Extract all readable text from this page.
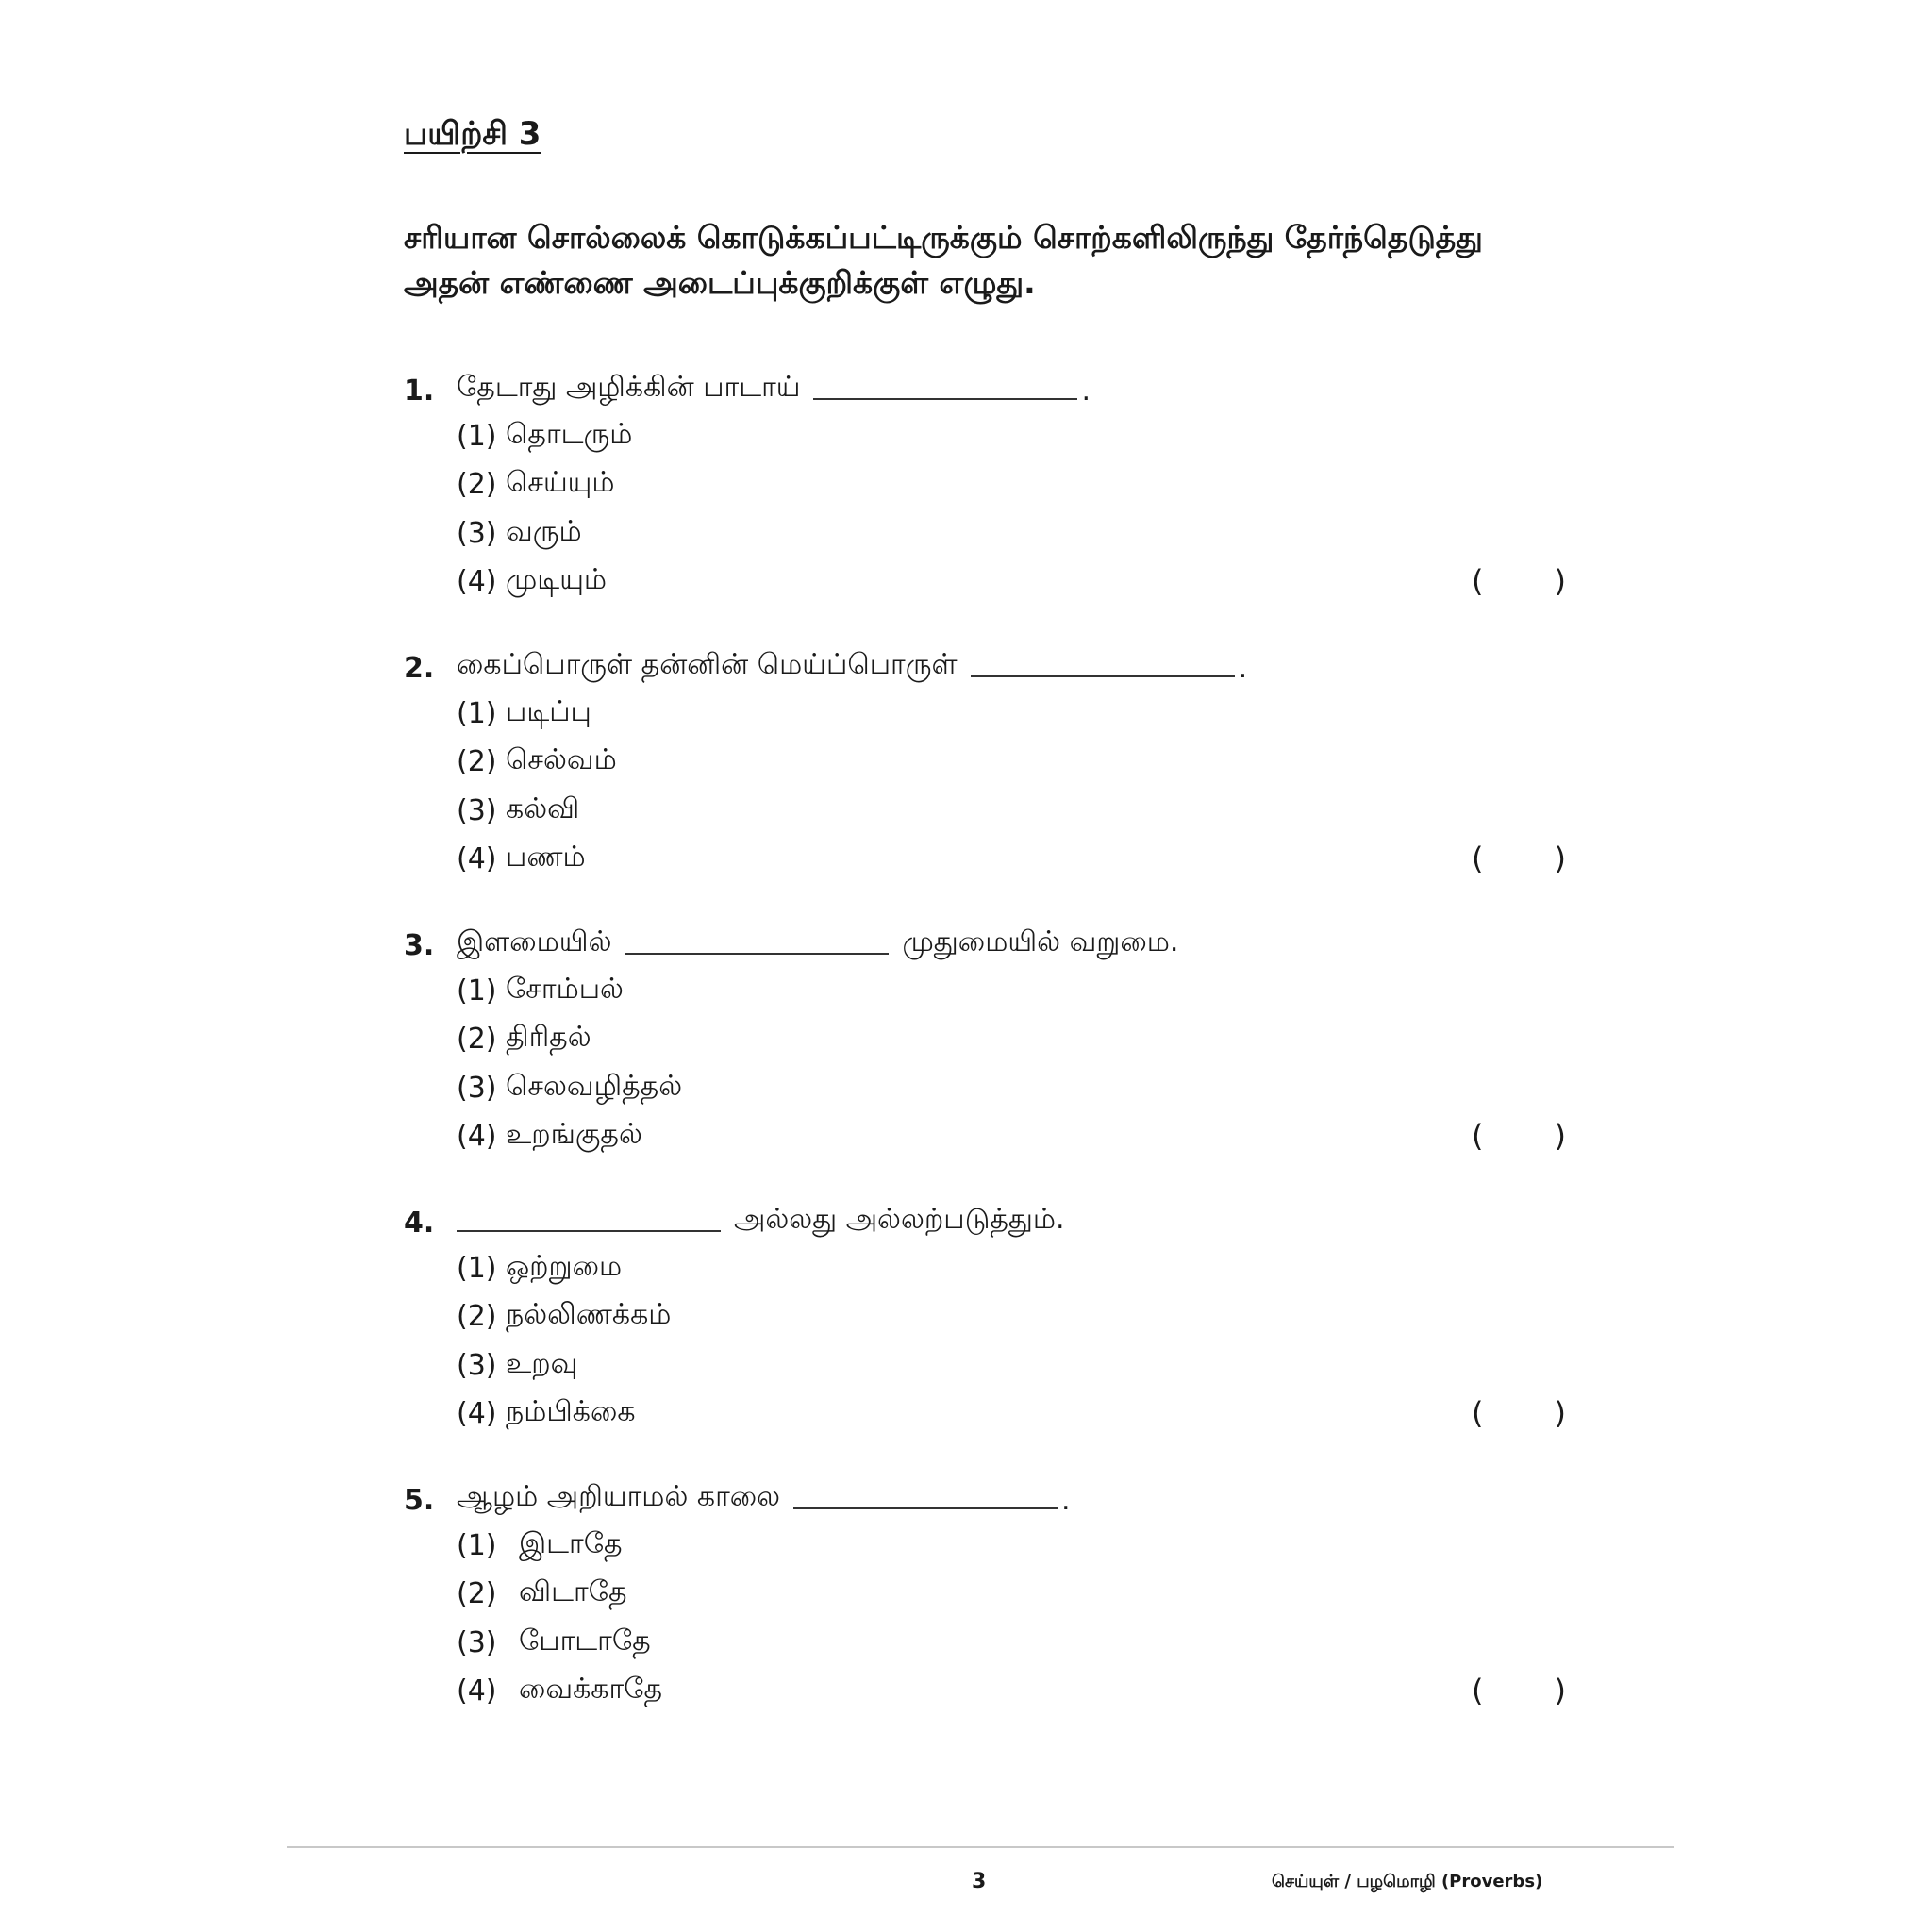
பயிற்சி 3
சரியான சொல்லைக் கொடுக்கப்பட்டிருக்கும் சொற்களிலிருந்து தேர்ந்தெடுத்து அதன் எண்ணை அடைப்புக்குறிக்குள் எழுது.
1. தேடாது அழிக்கின் பாடாய்	.
(1) தொடரும்
(2) செய்யும்
(3) வரும்
(4) முடியும்	( )
2. கைப்பொருள் தன்னின் மெய்ப்பொருள்	.
(1) படிப்பு
(2) செல்வம்
(3) கல்வி
(4) பணம்	( )
3. இளமையில்	முதுமையில் வறுமை.
(1) சோம்பல்
(2) திரிதல்
(3) செலவழித்தல்
(4) உறங்குதல்	( )
4.	அல்லது அல்லற்படுத்தும்.
(1) ஒற்றுமை
(2) நல்லிணக்கம்
(3) உறவு
(4) நம்பிக்கை	( )
5. ஆழம் அறியாமல் காலை	.
(1) இடாதே
(2) விடாதே
(3) போடாதே
(4) வைக்காதே	( )
3	செய்யுள் / பழமொழி (Proverbs)
